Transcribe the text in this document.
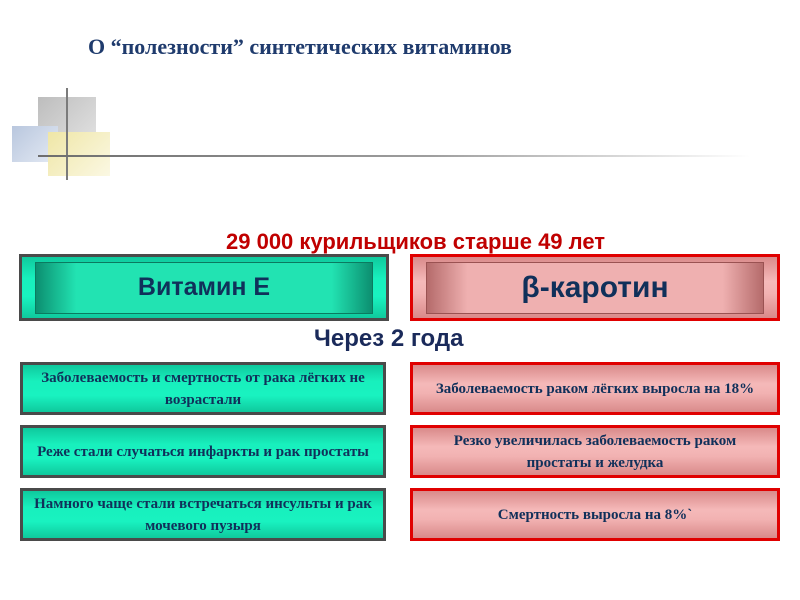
О “полезности” синтетических витаминов
29 000 курильщиков старше 49 лет
Витамин Е	β-каротин
Через 2 года
Заболеваемость и смертность от рака лёгких не возрастали
Реже стали случаться инфаркты и рак простаты
Намного чаще стали встречаться инсульты и рак мочевого пузыря
Заболеваемость раком лёгких выросла на 18%
Резко увеличилась заболеваемость раком простаты и желудка
Смертность выросла на 8%`
